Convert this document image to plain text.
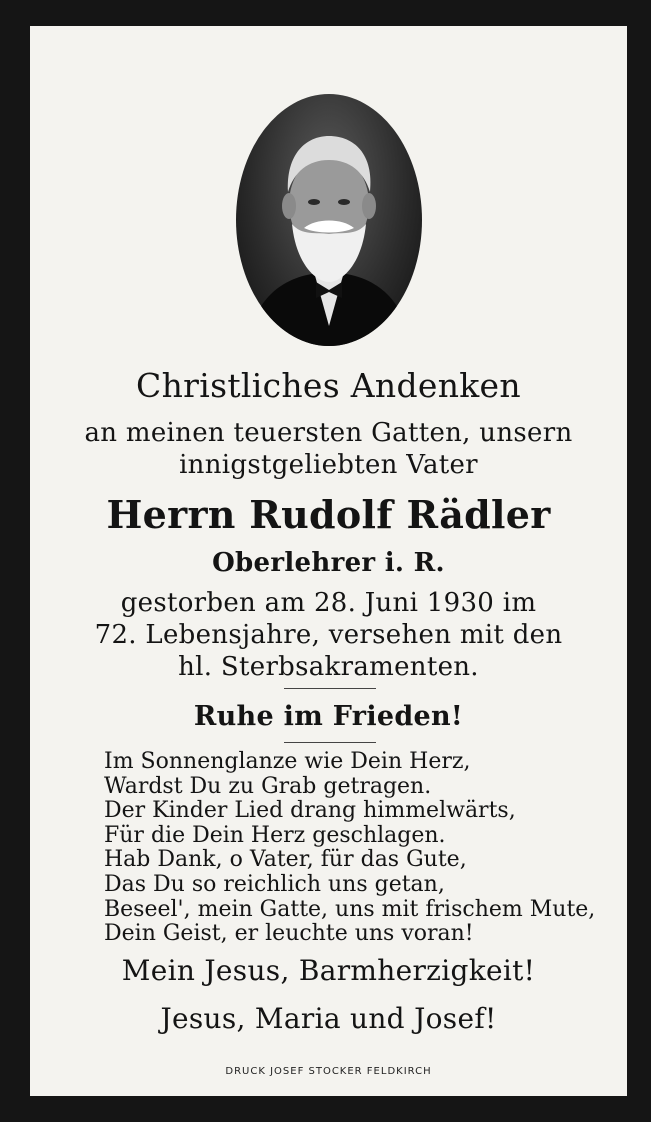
Christliches Andenken
an meinen teuersten Gatten, unsern
innigstgeliebten Vater
Herrn Rudolf Rädler
Oberlehrer i. R.
gestorben am 28. Juni 1930 im
72. Lebensjahre, versehen mit den
hl. Sterbsakramenten.
Ruhe im Frieden!
Im Sonnenglanze wie Dein Herz,
Wardst Du zu Grab getragen.
Der Kinder Lied drang himmelwärts,
Für die Dein Herz geschlagen.
Hab Dank, o Vater, für das Gute,
Das Du so reichlich uns getan,
Beseel', mein Gatte, uns mit frischem Mute,
Dein Geist, er leuchte uns voran!
Mein Jesus, Barmherzigkeit!
Jesus, Maria und Josef!
DRUCK JOSEF STOCKER FELDKIRCH
